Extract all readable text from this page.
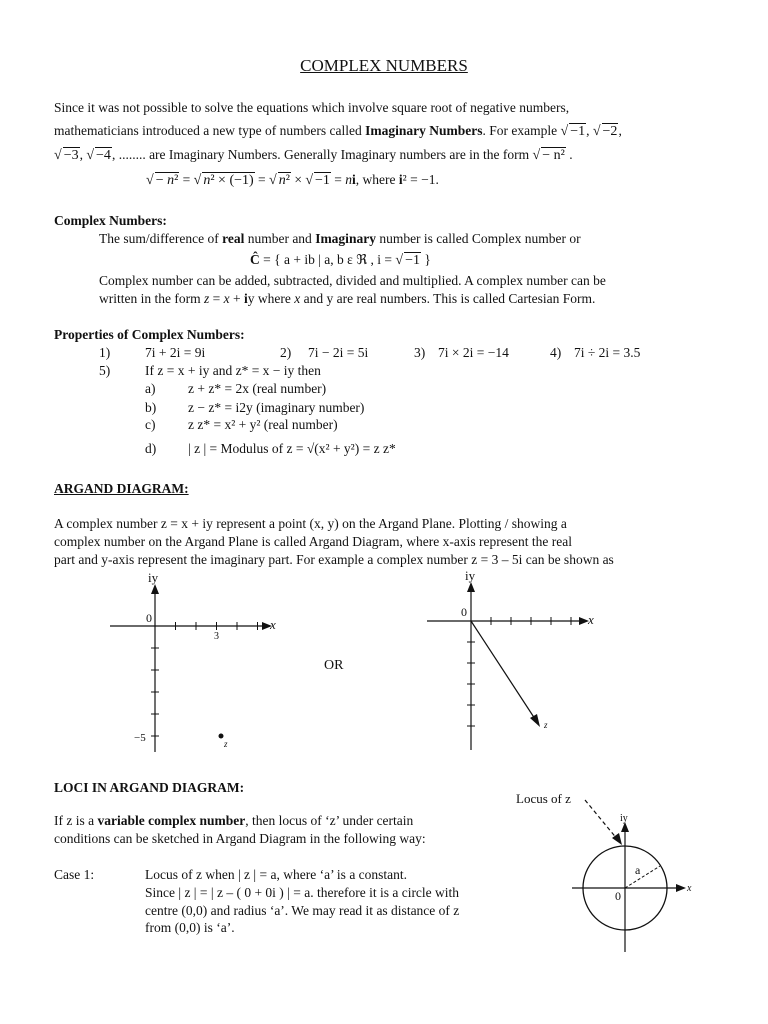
COMPLEX NUMBERS
Since it was not possible to solve the equations which involve square root of negative numbers,
mathematicians introduced a new type of numbers called Imaginary Numbers. For example √ −1, √ −2,
√ −3, √ −4, ........ are Imaginary Numbers. Generally Imaginary numbers are in the form √ − n² .
√ − n² = √ n² × (−1) = √ n² × √ −1 = ni, where i² = −1.
Complex Numbers:
The sum/difference of real number and Imaginary number is called Complex number or
Ĉ = { a + ib | a, b ε ℜ , i = √ −1 }
Complex number can be added, subtracted, divided and multiplied. A complex number can be
written in the form z = x + iy where x and y are real numbers. This is called Cartesian Form.
Properties of Complex Numbers:
1)	7i + 2i = 9i	2) 7i − 2i = 5i	3) 7i × 2i = −14	4) 7i ÷ 2i = 3.5
5)	If z = x + iy and z* = x − iy then
a) z + z* = 2x (real number)
b) z − z* = i2y (imaginary number)
c) z z* = x² + y² (real number)
d) | z | = Modulus of z = √(x² + y²) = z z*
ARGAND DIAGRAM:
A complex number z = x + iy represent a point (x, y) on the Argand Plane. Plotting / showing a
complex number on the Argand Plane is called Argand Diagram, where x-axis represent the real
part and y-axis represent the imaginary part. For example a complex number z = 3 – 5i can be shown as
iy
x
0
3
−5	z
OR
iy
x
0
z
Locus of z
iy
x
0
a
LOCI IN ARGAND DIAGRAM:
If z is a variable complex number, then locus of ‘z’ under certain
conditions can be sketched in Argand Diagram in the following way:
Case 1:	Locus of z when | z | = a, where ‘a’ is a constant.
Since | z | = | z – ( 0 + 0i ) | = a. therefore it is a circle with
centre (0,0) and radius ‘a’. We may read it as distance of z
from (0,0) is ‘a’.
